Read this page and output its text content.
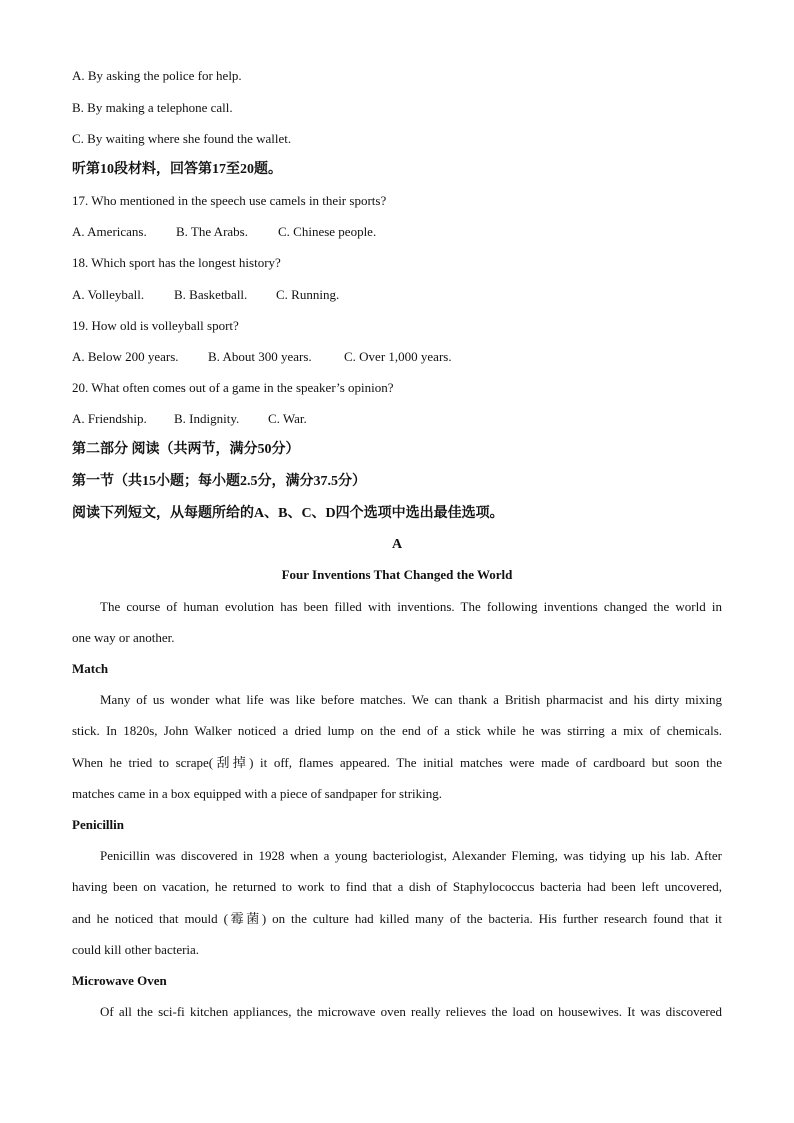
A. By asking the police for help.
B. By making a telephone call.
C. By waiting where she found the wallet.
听第10段材料，回答第17至20题。
17. Who mentioned in the speech use camels in their sports?
A. Americans. B. The Arabs. C. Chinese people.
18. Which sport has the longest history?
A. Volleyball. B. Basketball. C. Running.
19. How old is volleyball sport?
A. Below 200 years. B. About 300 years. C. Over 1,000 years.
20. What often comes out of a game in the speaker’s opinion?
A. Friendship. B. Indignity. C. War.
第二部分 阅读（共两节，满分50分）
第一节（共15小题；每小题2.5分，满分37.5分）
阅读下列短文，从每题所给的A、B、C、D四个选项中选出最佳选项。
A
Four Inventions That Changed the World
The course of human evolution has been filled with inventions. The following inventions changed the world in
one way or another.
Match
Many of us wonder what life was like before matches. We can thank a British pharmacist and his dirty mixing
stick. In 1820s, John Walker noticed a dried lump on the end of a stick while he was stirring a mix of chemicals.
When he tried to scrape(刮掉) it off, flames appeared. The initial matches were made of cardboard but soon the
matches came in a box equipped with a piece of sandpaper for striking.
Penicillin
Penicillin was discovered in 1928 when a young bacteriologist, Alexander Fleming, was tidying up his lab. After
having been on vacation, he returned to work to find that a dish of Staphylococcus bacteria had been left uncovered,
and he noticed that mould (霉菌) on the culture had killed many of the bacteria. His further research found that it
could kill other bacteria.
Microwave Oven
Of all the sci-fi kitchen appliances, the microwave oven really relieves the load on housewives. It was discovered
